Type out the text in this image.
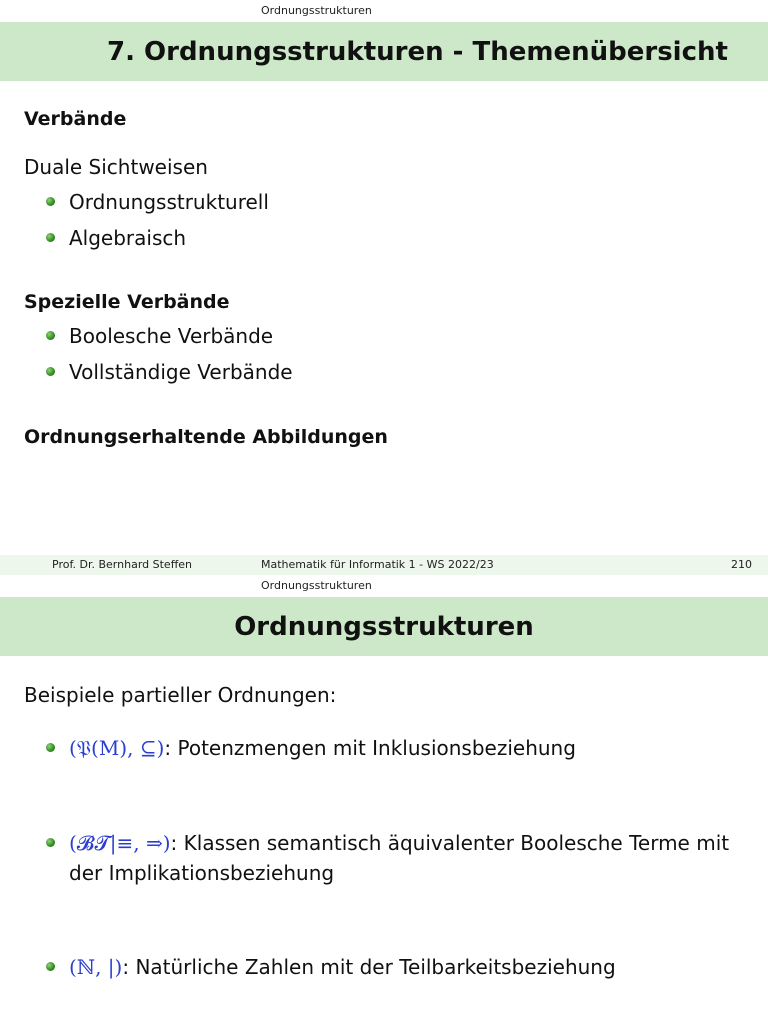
Ordnungsstrukturen
7. Ordnungsstrukturen - Themenübersicht
Verbände
Duale Sichtweisen
Ordnungsstrukturell
Algebraisch
Spezielle Verbände
Boolesche Verbände
Vollständige Verbände
Ordnungserhaltende Abbildungen
Prof. Dr. Bernhard Steffen	Mathematik für Informatik 1 - WS 2022/23	210
Ordnungsstrukturen
Ordnungsstrukturen
Beispiele partieller Ordnungen:
(𝔓(M), ⊆): Potenzmengen mit Inklusionsbeziehung
(𝓑𝓣|≡, ⇒): Klassen semantisch äquivalenter Boolesche Terme mit
der Implikationsbeziehung
(ℕ, |): Natürliche Zahlen mit der Teilbarkeitsbeziehung
